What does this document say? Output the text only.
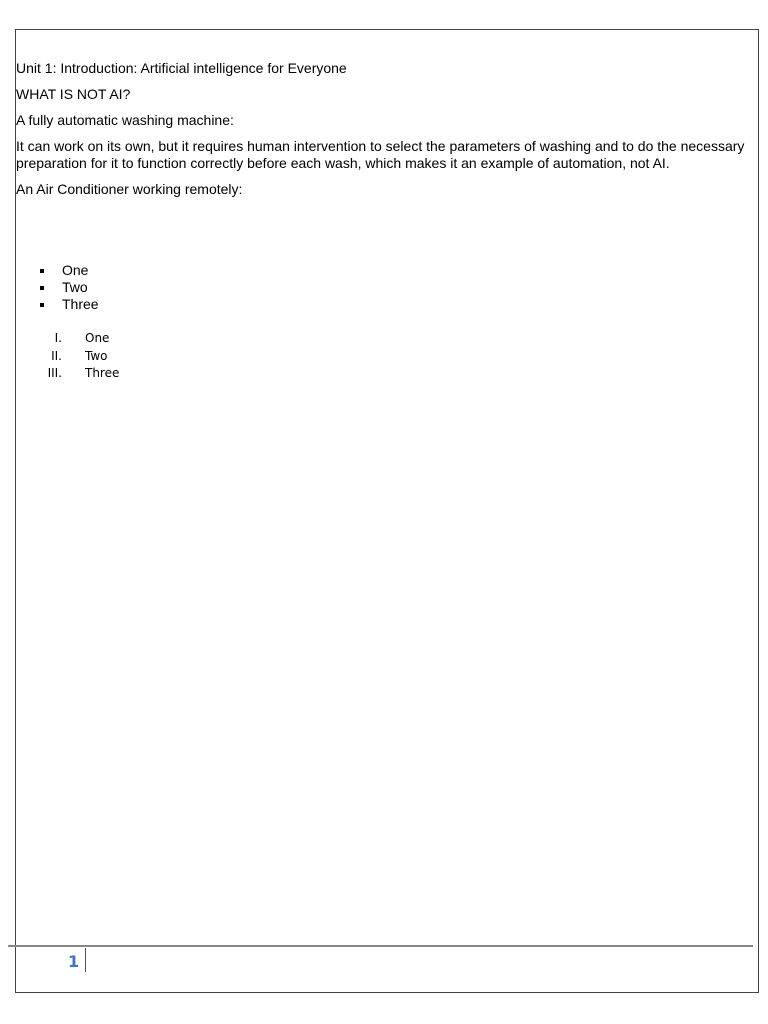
Unit 1: Introduction: Artificial intelligence for Everyone

WHAT IS NOT AI?

A fully automatic washing machine:

It can work on its own, but it requires human intervention to select the parameters of washing and to do the necessary preparation for it to function correctly before each wash, which makes it an example of automation, not AI.

An Air Conditioner working remotely:

One
Two
Three
I. One
II. Two
III. Three
1
